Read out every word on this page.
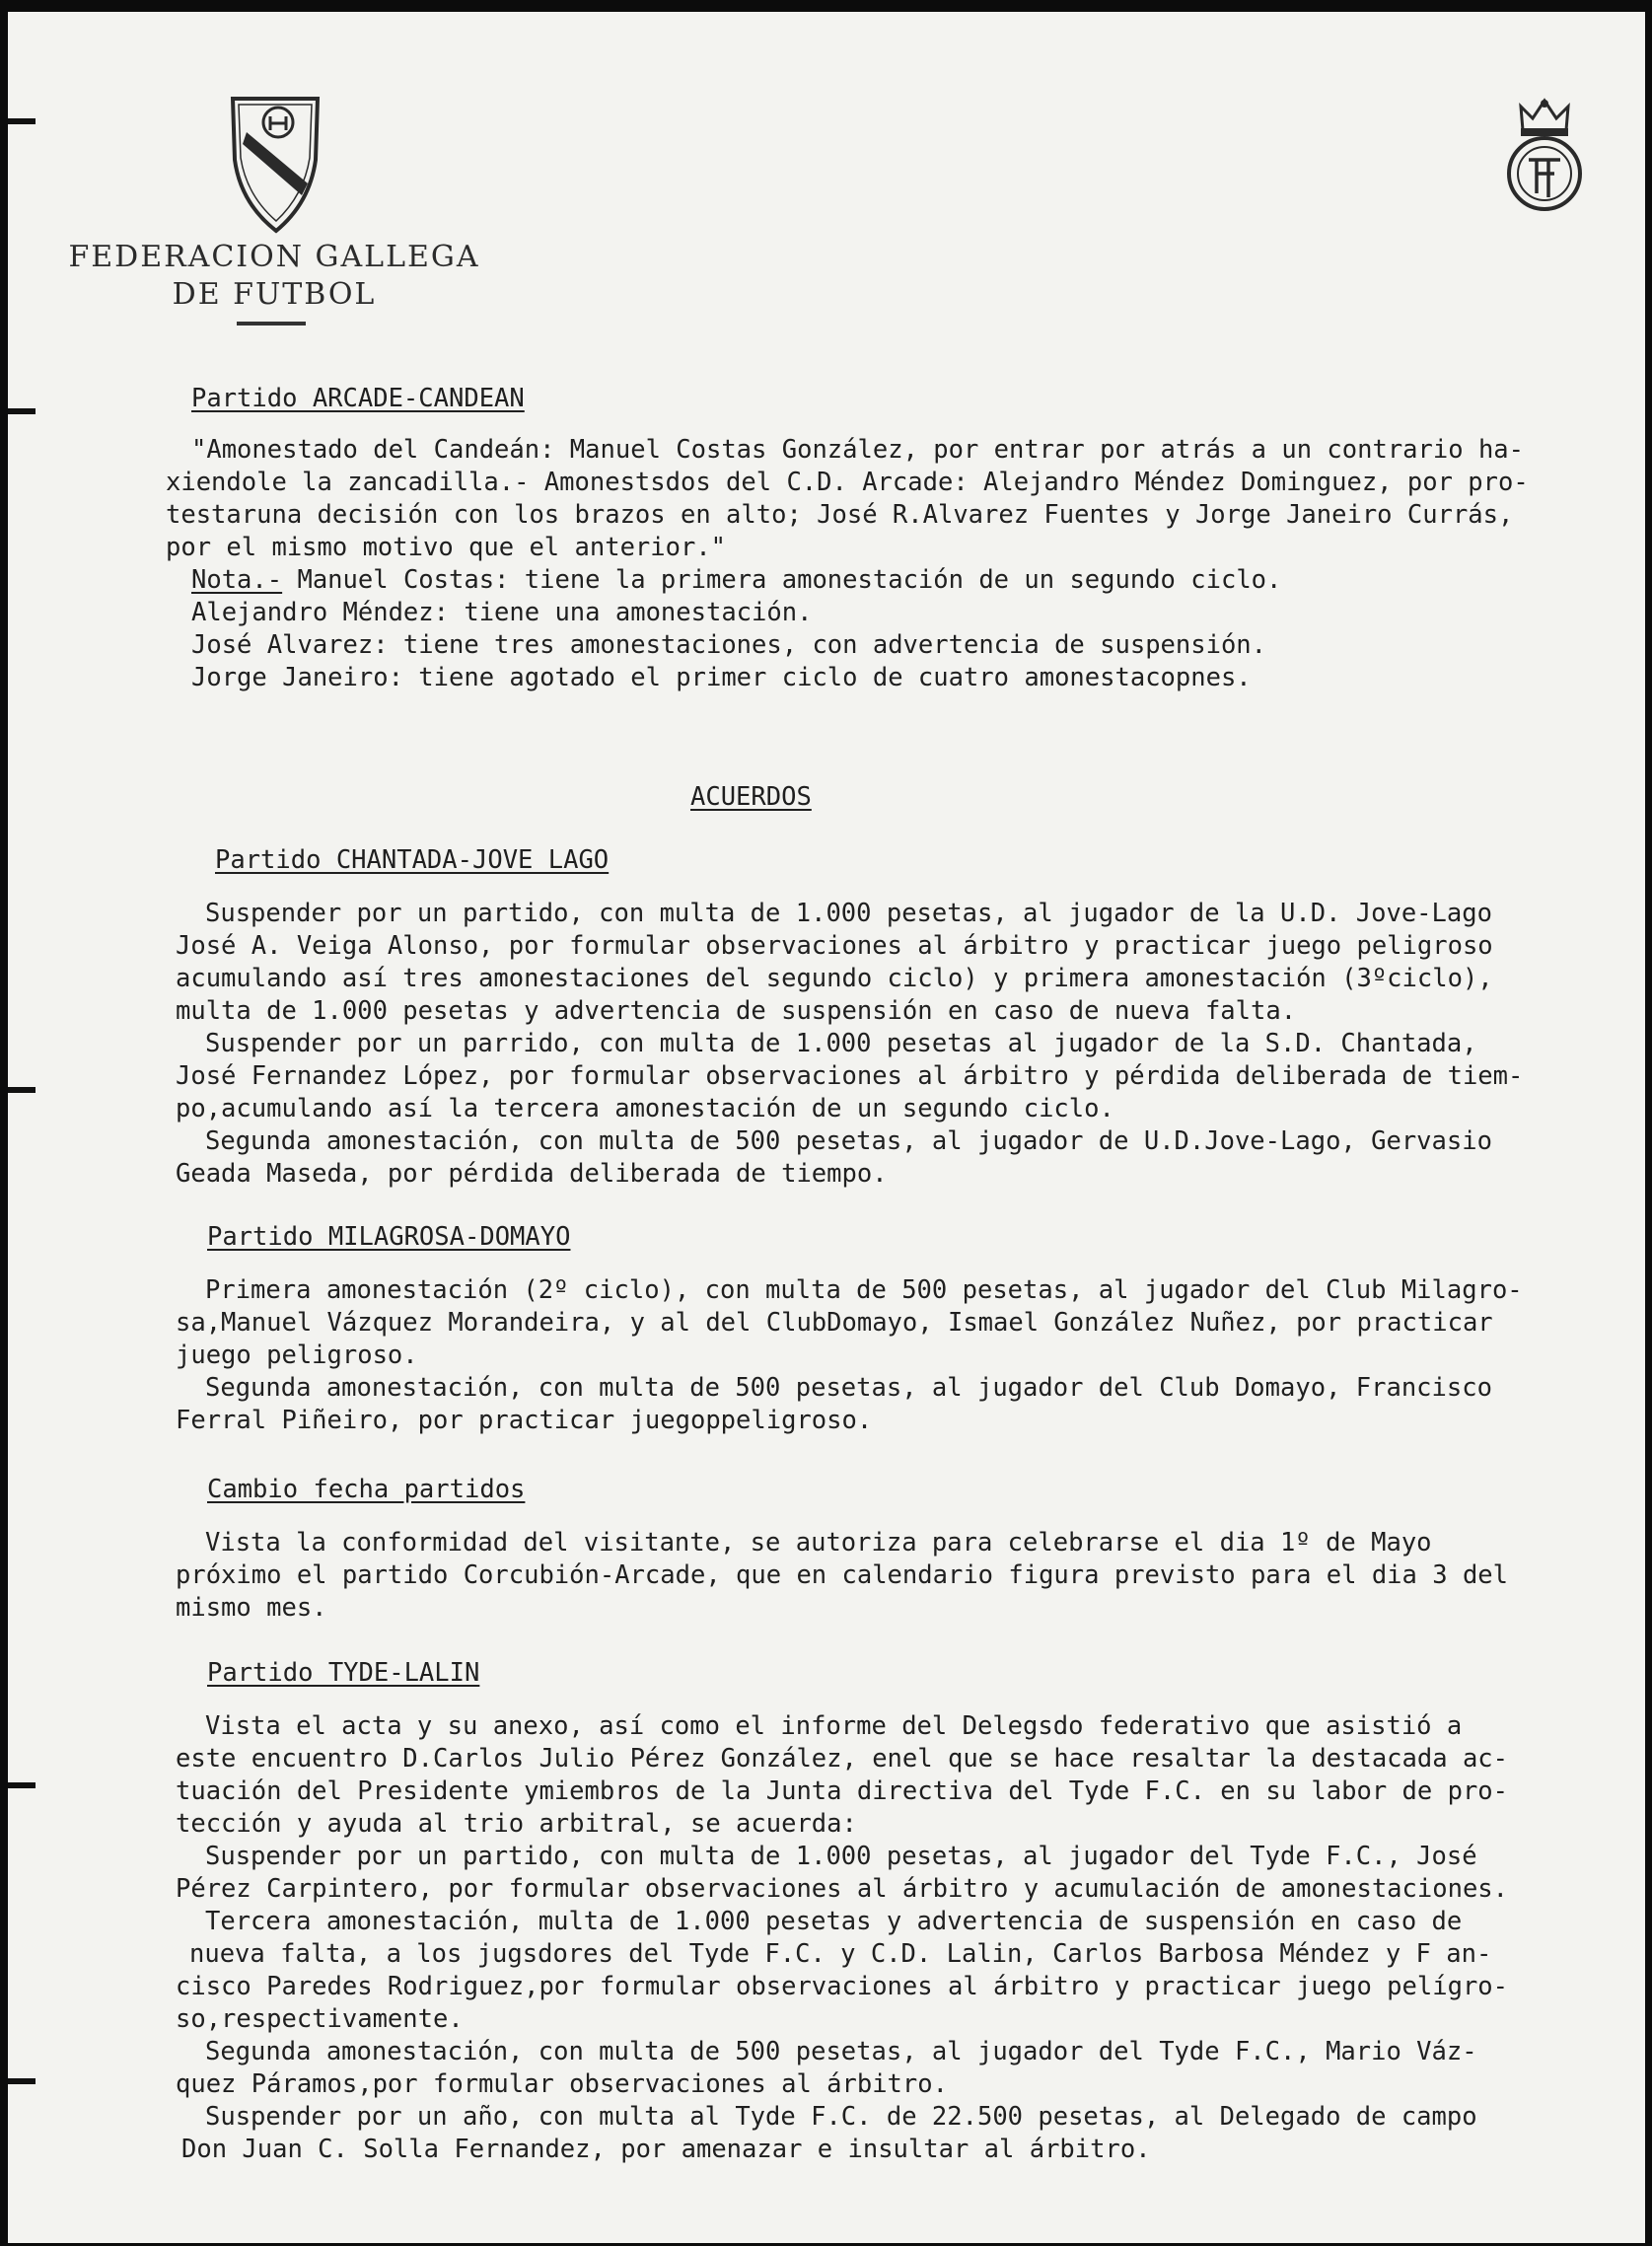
FEDERACION GALLEGA
DE FUTBOL
Partido ARCADE-CANDEAN
"Amonestado del Candeán: Manuel Costas González, por entrar por atrás a un contrario ha-
xiendole la zancadilla.- Amonestsdos del C.D. Arcade: Alejandro Méndez Dominguez, por pro-
testaruna decisión con los brazos en alto; José R.Alvarez Fuentes y Jorge Janeiro Currás,
por el mismo motivo que el anterior."
Nota.- Manuel Costas: tiene la primera amonestación de un segundo ciclo.
Alejandro Méndez: tiene una amonestación.
José Alvarez: tiene tres amonestaciones, con advertencia de suspensión.
Jorge Janeiro: tiene agotado el primer ciclo de cuatro amonestacopnes.
ACUERDOS
Partido CHANTADA-JOVE LAGO
Suspender por un partido, con multa de 1.000 pesetas, al jugador de la U.D. Jove-Lago
José A. Veiga Alonso, por formular observaciones al árbitro y practicar juego peligroso
acumulando así tres amonestaciones del segundo ciclo) y primera amonestación (3ºciclo),
multa de 1.000 pesetas y advertencia de suspensión en caso de nueva falta.
Suspender por un parrido, con multa de 1.000 pesetas al jugador de la S.D. Chantada,
José Fernandez López, por formular observaciones al árbitro y pérdida deliberada de tiem-
po,acumulando así la tercera amonestación de un segundo ciclo.
Segunda amonestación, con multa de 500 pesetas, al jugador de U.D.Jove-Lago, Gervasio
Geada Maseda, por pérdida deliberada de tiempo.
Partido MILAGROSA-DOMAYO
Primera amonestación (2º ciclo), con multa de 500 pesetas, al jugador del Club Milagro-
sa,Manuel Vázquez Morandeira, y al del ClubDomayo, Ismael González Nuñez, por practicar
juego peligroso.
Segunda amonestación, con multa de 500 pesetas, al jugador del Club Domayo, Francisco
Ferral Piñeiro, por practicar juegoppeligroso.
Cambio fecha partidos
Vista la conformidad del visitante, se autoriza para celebrarse el dia 1º de Mayo
próximo el partido Corcubión-Arcade, que en calendario figura previsto para el dia 3 del
mismo mes.
Partido TYDE-LALIN
Vista el acta y su anexo, así como el informe del Delegsdo federativo que asistió a
este encuentro D.Carlos Julio Pérez González, enel que se hace resaltar la destacada ac-
tuación del Presidente ymiembros de la Junta directiva del Tyde F.C. en su labor de pro-
tección y ayuda al trio arbitral, se acuerda:
Suspender por un partido, con multa de 1.000 pesetas, al jugador del Tyde F.C., José
Pérez Carpintero, por formular observaciones al árbitro y acumulación de amonestaciones.
Tercera amonestación, multa de 1.000 pesetas y advertencia de suspensión en caso de
nueva falta, a los jugsdores del Tyde F.C. y C.D. Lalin, Carlos Barbosa Méndez y F an-
cisco Paredes Rodriguez,por formular observaciones al árbitro y practicar juego pelígro-
so,respectivamente.
Segunda amonestación, con multa de 500 pesetas, al jugador del Tyde F.C., Mario Váz-
quez Páramos,por formular observaciones al árbitro.
Suspender por un año, con multa al Tyde F.C. de 22.500 pesetas, al Delegado de campo
Don Juan C. Solla Fernandez, por amenazar e insultar al árbitro.
